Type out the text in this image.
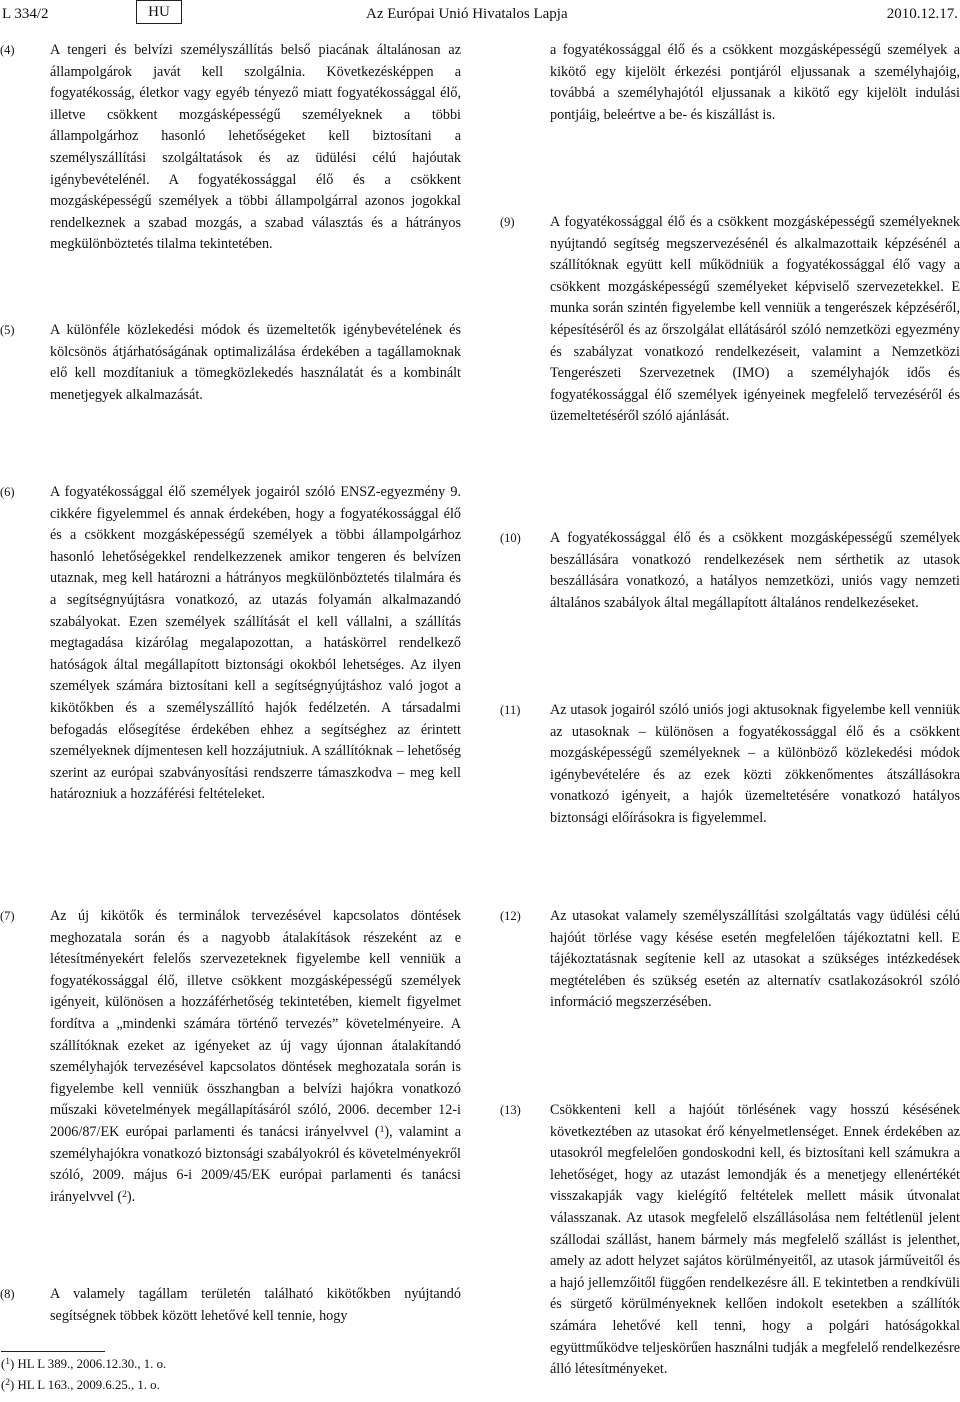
L 334/2	HU	Az Európai Unió Hivatalos Lapja	2010.12.17.
(4) A tengeri és belvízi személyszállítás belső piacának általánosan az állampolgárok javát kell szolgálnia. Következésképpen a fogyatékosság, életkor vagy egyéb tényező miatt fogyatékossággal élő, illetve csökkent mozgásképességű személyeknek a többi állampolgárhoz hasonló lehetőségeket kell biztosítani a személyszállítási szolgáltatások és az üdülési célú hajóutak igénybevételénél. A fogyatékossággal élő és a csökkent mozgásképességű személyek a többi állampolgárral azonos jogokkal rendelkeznek a szabad mozgás, a szabad választás és a hátrányos megkülönböztetés tilalma tekintetében.
(5) A különféle közlekedési módok és üzemeltetők igénybevételének és kölcsönös átjárhatóságának optimalizálása érdekében a tagállamoknak elő kell mozdítaniuk a tömegközlekedés használatát és a kombinált menetjegyek alkalmazását.
(6) A fogyatékossággal élő személyek jogairól szóló ENSZ-egyezmény 9. cikkére figyelemmel és annak érdekében, hogy a fogyatékossággal élő és a csökkent mozgásképességű személyek a többi állampolgárhoz hasonló lehetőségekkel rendelkezzenek amikor tengeren és belvízen utaznak, meg kell határozni a hátrányos megkülönböztetés tilalmára és a segítségnyújtásra vonatkozó, az utazás folyamán alkalmazandó szabályokat. Ezen személyek szállítását el kell vállalni, a szállítás megtagadása kizárólag megalapozottan, a hatáskörrel rendelkező hatóságok által megállapított biztonsági okokból lehetséges. Az ilyen személyek számára biztosítani kell a segítségnyújtáshoz való jogot a kikötőkben és a személyszállító hajók fedélzetén. A társadalmi befogadás elősegítése érdekében ehhez a segítséghez az érintett személyeknek díjmentesen kell hozzájutniuk. A szállítóknak – lehetőség szerint az európai szabványosítási rendszerre támaszkodva – meg kell határozniuk a hozzáférési feltételeket.
(7) Az új kikötők és terminálok tervezésével kapcsolatos döntések meghozatala során és a nagyobb átalakítások részeként az e létesítményekért felelős szervezeteknek figyelembe kell venniük a fogyatékossággal élő, illetve csökkent mozgásképességű személyek igényeit, különösen a hozzáférhetőség tekintetében, kiemelt figyelmet fordítva a „mindenki számára történő tervezés” követelményeire. A szállítóknak ezeket az igényeket az új vagy újonnan átalakítandó személyhajók tervezésével kapcsolatos döntések meghozatala során is figyelembe kell venniük összhangban a belvízi hajókra vonatkozó műszaki követelmények megállapításáról szóló, 2006. december 12-i 2006/87/EK európai parlamenti és tanácsi irányelvvel ($^1$), valamint a személyhajókra vonatkozó biztonsági szabályokról és követelményekről szóló, 2009. május 6-i 2009/45/EK európai parlamenti és tanácsi irányelvvel ($^2$).
(8) A valamely tagállam területén található kikötőkben nyújtandó segítségnek többek között lehetővé kell tennie, hogy
a fogyatékossággal élő és a csökkent mozgásképességű személyek a kikötő egy kijelölt érkezési pontjáról eljussanak a személyhajóig, továbbá a személyhajótól eljussanak a kikötő egy kijelölt indulási pontjáig, beleértve a be- és kiszállást is.
(9) A fogyatékossággal élő és a csökkent mozgásképességű személyeknek nyújtandó segítség megszervezésénél és alkalmazottaik képzésénél a szállítóknak együtt kell működniük a fogyatékossággal élő vagy a csökkent mozgásképességű személyeket képviselő szervezetekkel. E munka során szintén figyelembe kell venniük a tengerészek képzéséről, képesítéséről és az őrszolgálat ellátásáról szóló nemzetközi egyezmény és szabályzat vonatkozó rendelkezéseit, valamint a Nemzetközi Tengerészeti Szervezetnek (IMO) a személyhajók idős és fogyatékossággal élő személyek igényeinek megfelelő tervezéséről és üzemeltetéséről szóló ajánlását.
(10) A fogyatékossággal élő és a csökkent mozgásképességű személyek beszállására vonatkozó rendelkezések nem sérthetik az utasok beszállására vonatkozó, a hatályos nemzetközi, uniós vagy nemzeti általános szabályok által megállapított általános rendelkezéseket.
(11) Az utasok jogairól szóló uniós jogi aktusoknak figyelembe kell venniük az utasoknak – különösen a fogyatékossággal élő és a csökkent mozgásképességű személyeknek – a különböző közlekedési módok igénybevételére és az ezek közti zökkenőmentes átszállásokra vonatkozó igényeit, a hajók üzemeltetésére vonatkozó hatályos biztonsági előírásokra is figyelemmel.
(12) Az utasokat valamely személyszállítási szolgáltatás vagy üdülési célú hajóút törlése vagy késése esetén megfelelően tájékoztatni kell. E tájékoztatásnak segítenie kell az utasokat a szükséges intézkedések megtételében és szükség esetén az alternatív csatlakozásokról szóló információ megszerzésében.
(13) Csökkenteni kell a hajóút törlésének vagy hosszú késésének következtében az utasokat érő kényelmetlenséget. Ennek érdekében az utasokról megfelelően gondoskodni kell, és biztosítani kell számukra a lehetőséget, hogy az utazást lemondják és a menetjegy ellenértékét visszakapják vagy kielégítő feltételek mellett másik útvonalat válasszanak. Az utasok megfelelő elszállásolása nem feltétlenül jelent szállodai szállást, hanem bármely más megfelelő szállást is jelenthet, amely az adott helyzet sajátos körülményeitől, az utasok járműveitől és a hajó jellemzőitől függően rendelkezésre áll. E tekintetben a rendkívüli és sürgető körülményeknek kellően indokolt esetekben a szállítók számára lehetővé kell tenni, hogy a polgári hatóságokkal együttműködve teljeskörűen használni tudják a megfelelő rendelkezésre álló létesítményeket.
($^1$) HL L 389., 2006.12.30., 1. o.
($^2$) HL L 163., 2009.6.25., 1. o.
